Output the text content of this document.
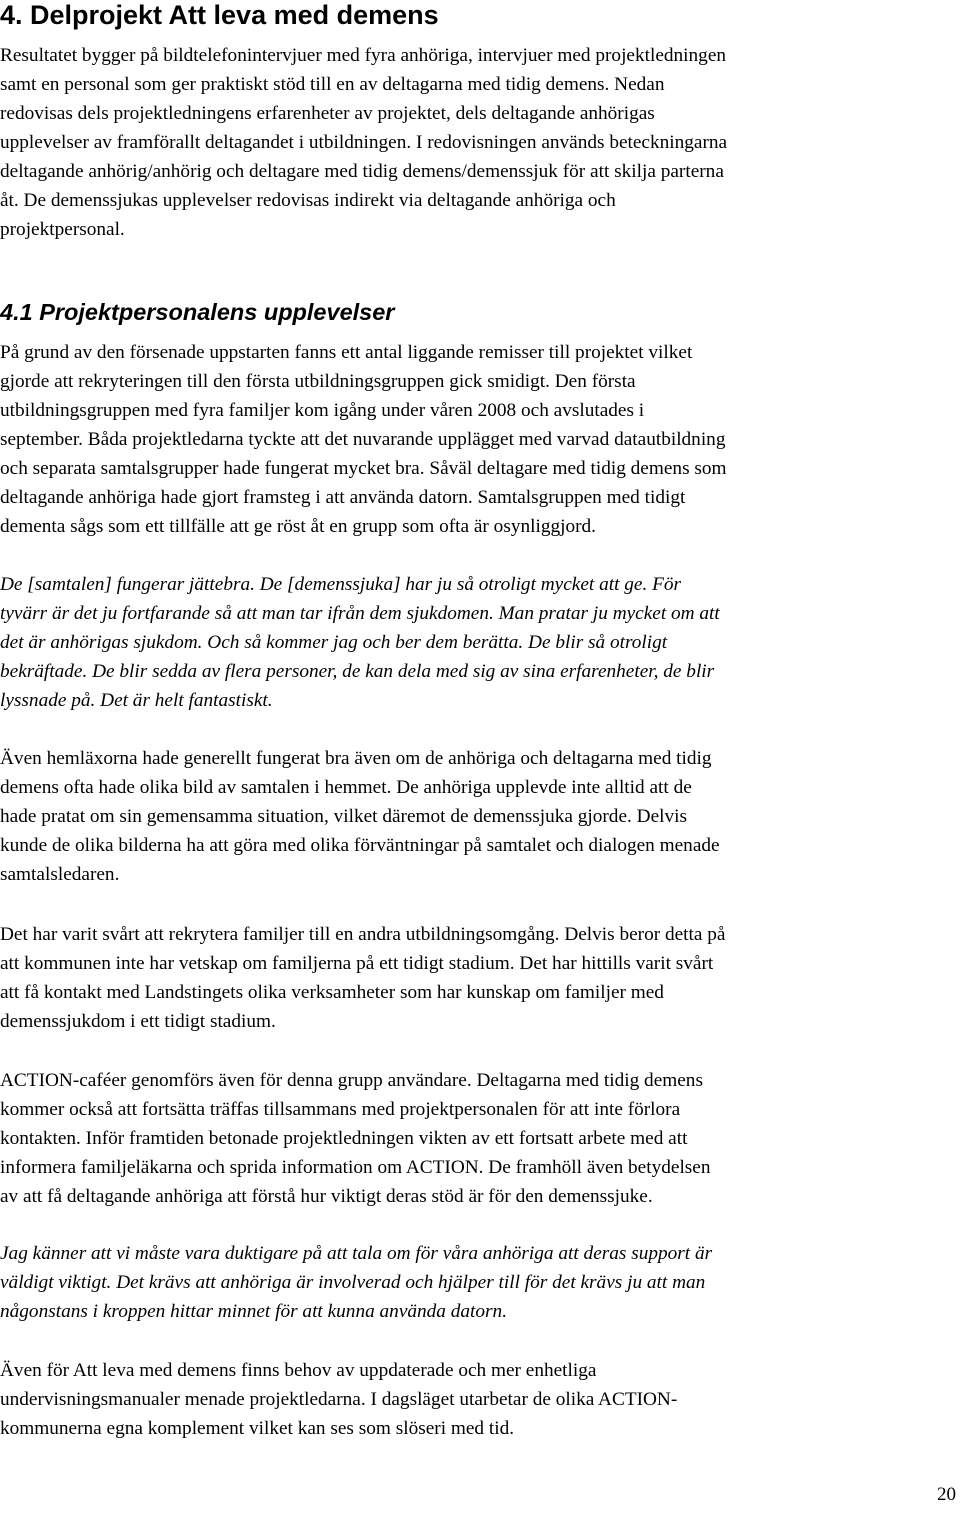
4. Delprojekt Att leva med demens
Resultatet bygger på bildtelefonintervjuer med fyra anhöriga, intervjuer med projektledningen
samt en personal som ger praktiskt stöd till en av deltagarna med tidig demens. Nedan
redovisas dels projektledningens erfarenheter av projektet, dels deltagande anhörigas
upplevelser av framförallt deltagandet i utbildningen. I redovisningen används beteckningarna
deltagande anhörig/anhörig och deltagare med tidig demens/demenssjuk för att skilja parterna
åt. De demenssjukas upplevelser redovisas indirekt via deltagande anhöriga och
projektpersonal.
4.1 Projektpersonalens upplevelser
På grund av den försenade uppstarten fanns ett antal liggande remisser till projektet vilket
gjorde att rekryteringen till den första utbildningsgruppen gick smidigt. Den första
utbildningsgruppen med fyra familjer kom igång under våren 2008 och avslutades i
september. Båda projektledarna tyckte att det nuvarande upplägget med varvad datautbildning
och separata samtalsgrupper hade fungerat mycket bra. Såväl deltagare med tidig demens som
deltagande anhöriga hade gjort framsteg i att använda datorn. Samtalsgruppen med tidigt
dementa sågs som ett tillfälle att ge röst åt en grupp som ofta är osynliggjord.
De [samtalen] fungerar jättebra. De [demenssjuka] har ju så otroligt mycket att ge. För
tyvärr är det ju fortfarande så att man tar ifrån dem sjukdomen. Man pratar ju mycket om att
det är anhörigas sjukdom. Och så kommer jag och ber dem berätta. De blir så otroligt
bekräftade. De blir sedda av flera personer, de kan dela med sig av sina erfarenheter, de blir
lyssnade på. Det är helt fantastiskt.
Även hemläxorna hade generellt fungerat bra även om de anhöriga och deltagarna med tidig
demens ofta hade olika bild av samtalen i hemmet. De anhöriga upplevde inte alltid att de
hade pratat om sin gemensamma situation, vilket däremot de demenssjuka gjorde. Delvis
kunde de olika bilderna ha att göra med olika förväntningar på samtalet och dialogen menade
samtalsledaren.
Det har varit svårt att rekrytera familjer till en andra utbildningsomgång. Delvis beror detta på
att kommunen inte har vetskap om familjerna på ett tidigt stadium. Det har hittills varit svårt
att få kontakt med Landstingets olika verksamheter som har kunskap om familjer med
demenssjukdom i ett tidigt stadium.
ACTION-caféer genomförs även för denna grupp användare. Deltagarna med tidig demens
kommer också att fortsätta träffas tillsammans med projektpersonalen för att inte förlora
kontakten. Inför framtiden betonade projektledningen vikten av ett fortsatt arbete med att
informera familjeläkarna och sprida information om ACTION. De framhöll även betydelsen
av att få deltagande anhöriga att förstå hur viktigt deras stöd är för den demenssjuke.
Jag känner att vi måste vara duktigare på att tala om för våra anhöriga att deras support är
väldigt viktigt. Det krävs att anhöriga är involverad och hjälper till för det krävs ju att man
någonstans i kroppen hittar minnet för att kunna använda datorn.
Även för Att leva med demens finns behov av uppdaterade och mer enhetliga
undervisningsmanualer menade projektledarna. I dagsläget utarbetar de olika ACTION-
kommunerna egna komplement vilket kan ses som slöseri med tid.
20
